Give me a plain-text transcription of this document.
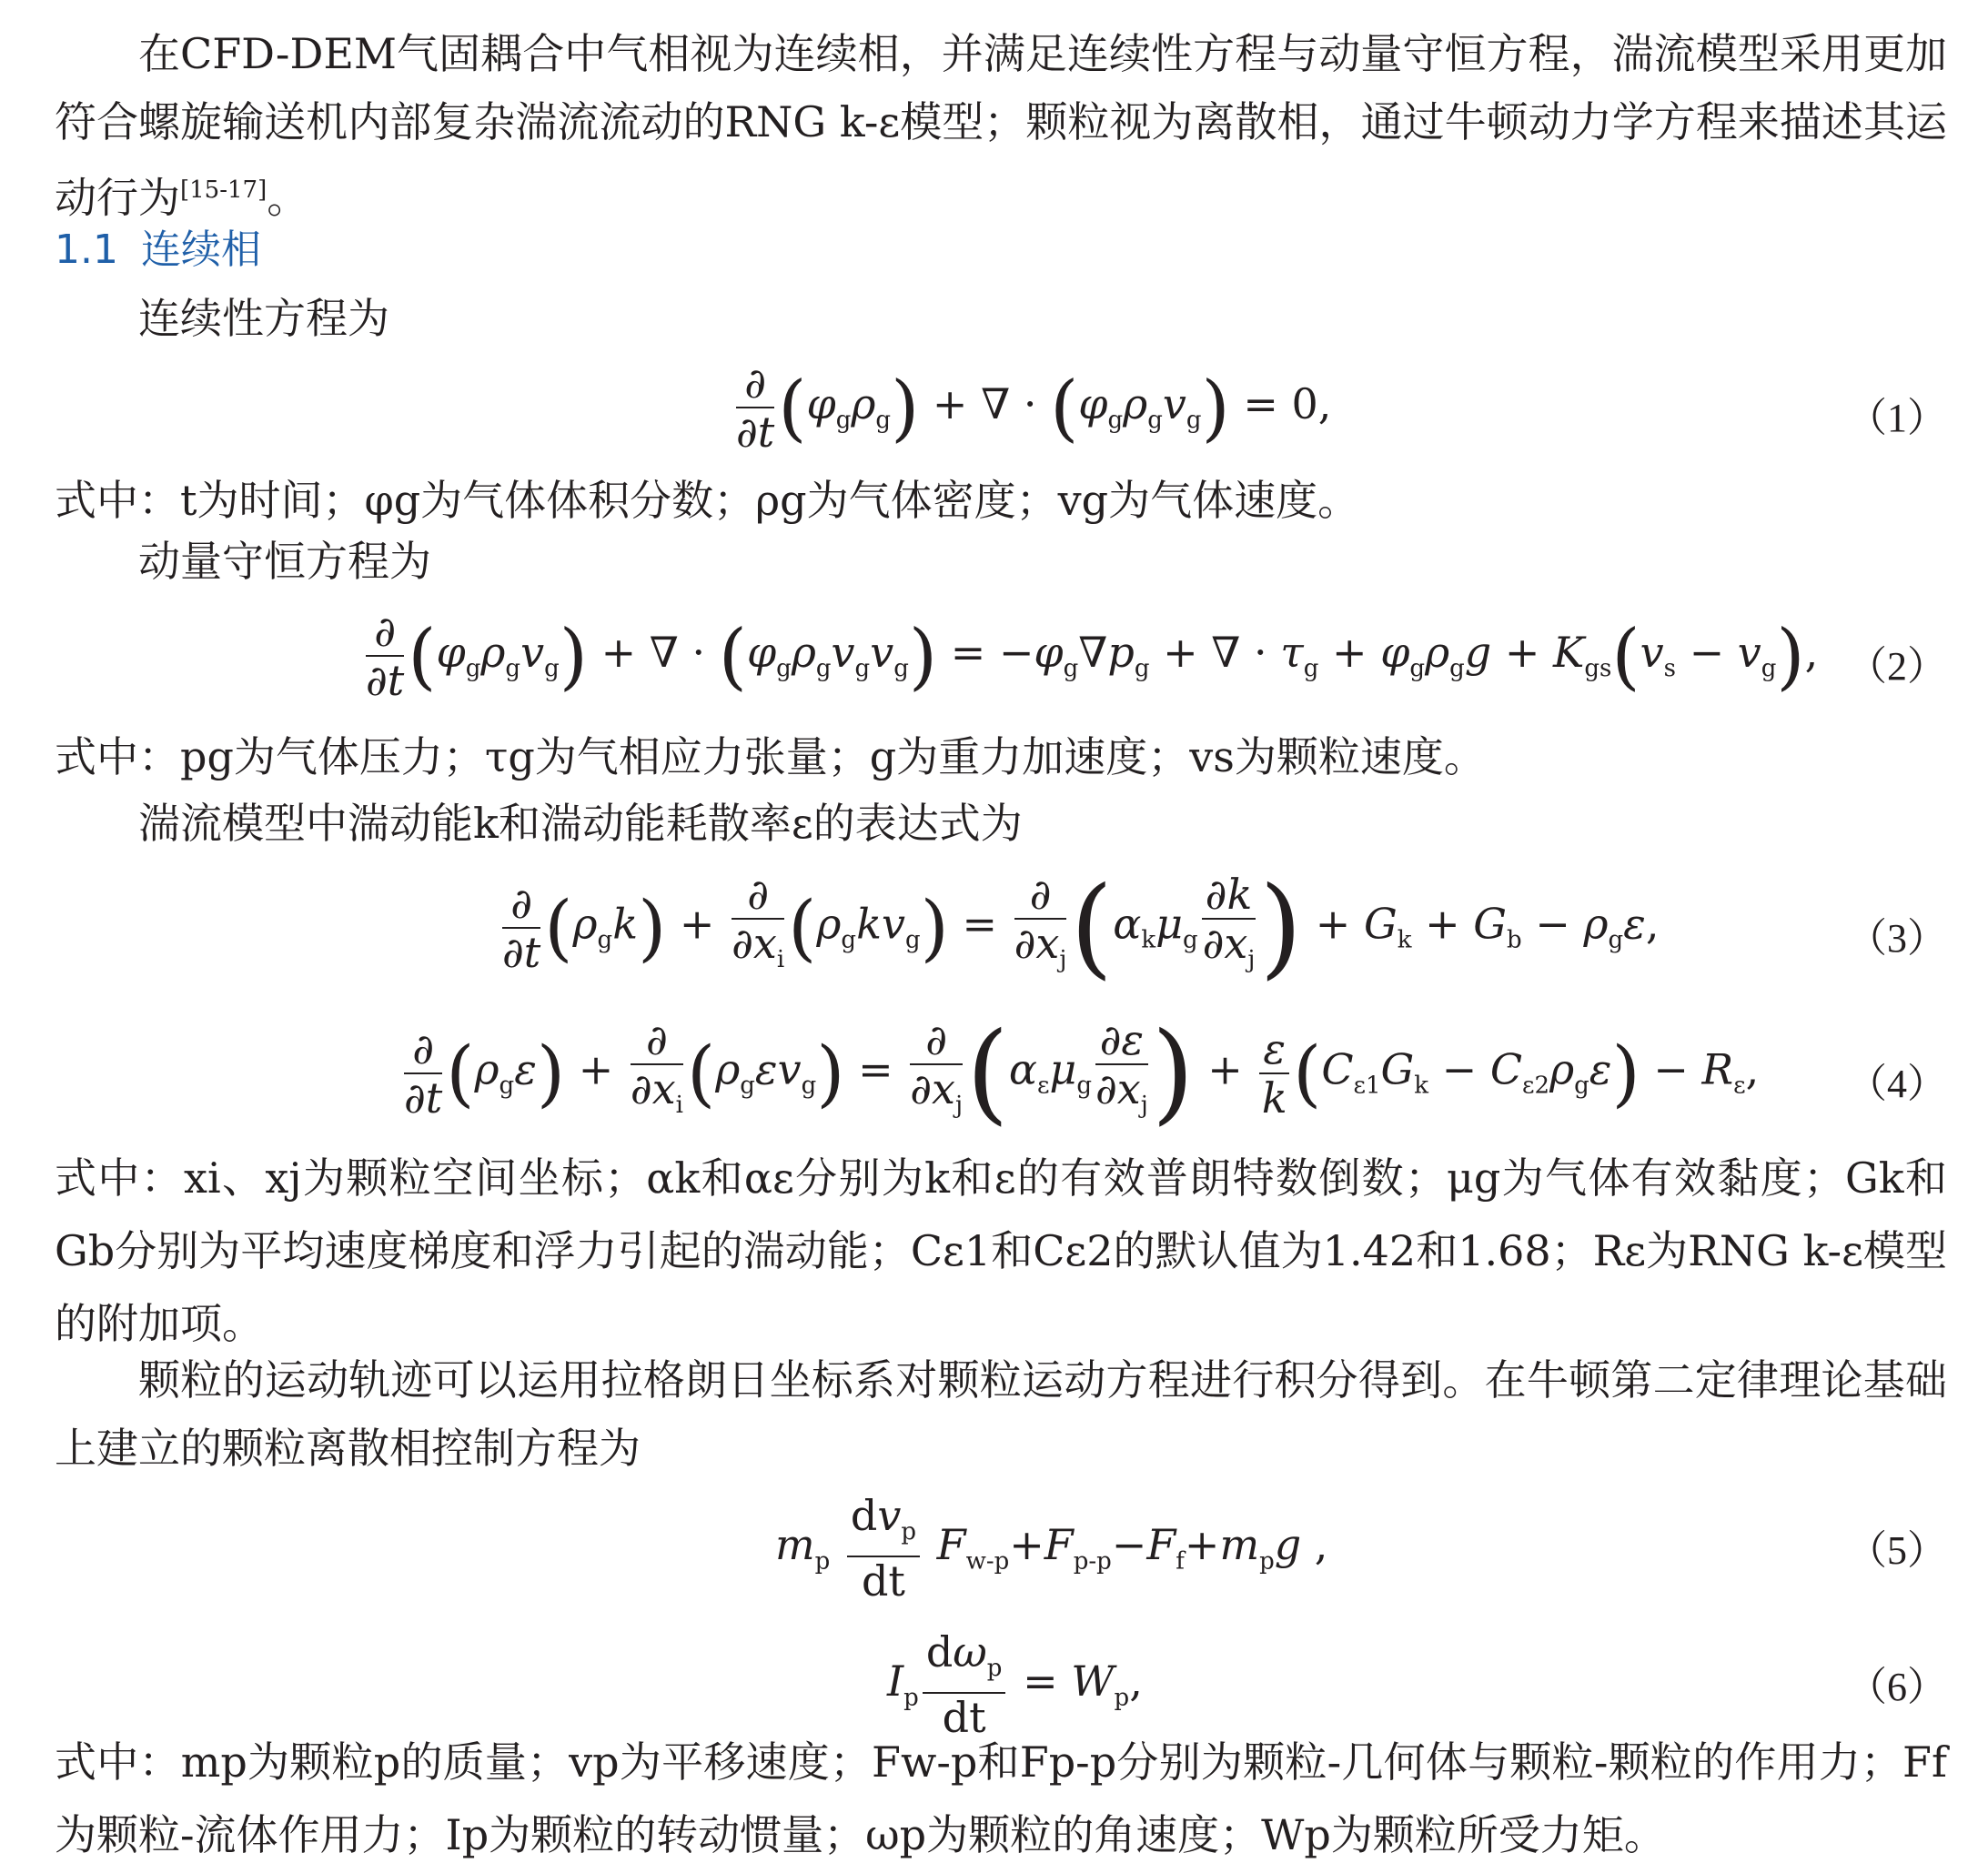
在CFD-DEM气固耦合中气相视为连续相，并满足连续性方程与动量守恒方程，湍流模型采用更加符合螺旋输送机内部复杂湍流流动的RNG k-ε模型；颗粒视为离散相，通过牛顿动力学方程来描述其运动行为[15-17]。
1.1 连续相
连续性方程为
$\frac{\partial}{\partial t} (\varphi_g\rho_g)$ + ∇ · $(\varphi_g\rho_gv_g) = 0$,	（1）
式中：t为时间；φg为气体体积分数；ρg为气体密度；vg为气体速度。
动量守恒方程为
$\frac{\partial}{\partial t} (\varphi_g\rho_gv_g)$ + ∇ · $(\varphi_g\rho_gv_gv_g) = -\varphi_g\nabla p_g$ + ∇ · $\tau_g + \varphi_g\rho_gg + K_{gs}(v_s - v_g)$, （2）
式中：pg为气体压力；τg为气相应力张量；g为重力加速度；vs为颗粒速度。
湍流模型中湍动能k和湍动能耗散率ε的表达式为
$\frac{\partial}{\partial t} (\rho_gk) + \frac{\partial}{\partial x_i} (\rho_gkv_g) = \frac{\partial}{\partial x_j} (\alpha_k\mu_g \frac{\partial k}{\partial x_j}$ ) + $G_k + G_b - \rho_g\varepsilon$,	（3）
$\frac{\partial}{\partial t} (\rho_g\varepsilon) + \frac{\partial}{\partial x_i} (\rho_g\varepsilon v_g) = \frac{\partial}{\partial x_j} (\alpha_\varepsilon\mu_g \frac{\partial\varepsilon}{\partial x_j}$ ) + $\frac{\varepsilon}{k} (C_{\varepsilon 1}G_k - C_{\varepsilon 2}\rho_g\varepsilon) - R_\varepsilon$, （4）
式中：xi、xj为颗粒空间坐标；αk和αε分别为k和ε的有效普朗特数倒数；μg为气体有效黏度；Gk和Gb分别为平均速度梯度和浮力引起的湍动能；Cε1和Cε2的默认值为1.42和1.68；Rε为RNG k-ε模型的附加项。
颗粒的运动轨迹可以运用拉格朗日坐标系对颗粒运动方程进行积分得到。在牛顿第二定律理论基础上建立的颗粒离散相控制方程为
$m_p \frac{dv_p}{dt} F_{w-p}+F_{p-p}-F_f+m_pg$ ,	（5）
$I_p \frac{d\omega_p}{dt} = W_p$,	（6）
式中：mp为颗粒p的质量；vp为平移速度；Fw-p和Fp-p分别为颗粒-几何体与颗粒-颗粒的作用力；Ff为颗粒-流体作用力；Ip为颗粒的转动惯量；ωp为颗粒的角速度；Wp为颗粒所受力矩。
